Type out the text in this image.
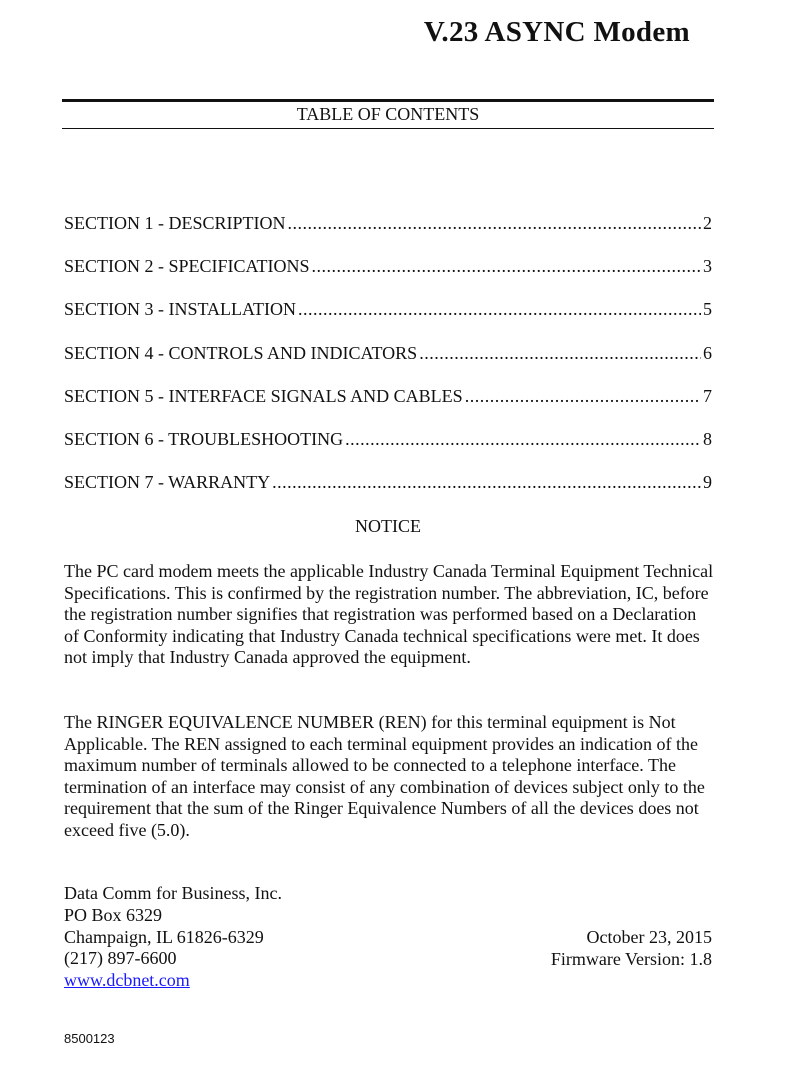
V.23 ASYNC Modem
TABLE OF CONTENTS
SECTION 1 - DESCRIPTION .....	2
SECTION 2 - SPECIFICATIONS .....	3
SECTION 3 - INSTALLATION .....	5
SECTION 4 - CONTROLS AND INDICATORS .....	6
SECTION 5 - INTERFACE SIGNALS AND CABLES .....	7
SECTION 6 - TROUBLESHOOTING .....	8
SECTION 7 - WARRANTY .....	9
NOTICE

The PC card modem meets the applicable Industry Canada Terminal Equipment Technical Specifications. This is confirmed by the registration number. The abbreviation, IC, before the registration number signifies that registration was performed based on a Declaration of Conformity indicating that Industry Canada technical specifications were met. It does not imply that Industry Canada approved the equipment.

The RINGER EQUIVALENCE NUMBER (REN) for this terminal equipment is Not Applicable. The REN assigned to each terminal equipment provides an indication of the maximum number of terminals allowed to be connected to a telephone interface. The termination of an interface may consist of any combination of devices subject only to the requirement that the sum of the Ringer Equivalence Numbers of all the devices does not exceed five (5.0).

Data Comm for Business, Inc.
PO Box 6329
Champaign, IL 61826-6329
(217) 897-6600
www.dcbnet.com
October 23, 2015
Firmware Version: 1.8
8500123
